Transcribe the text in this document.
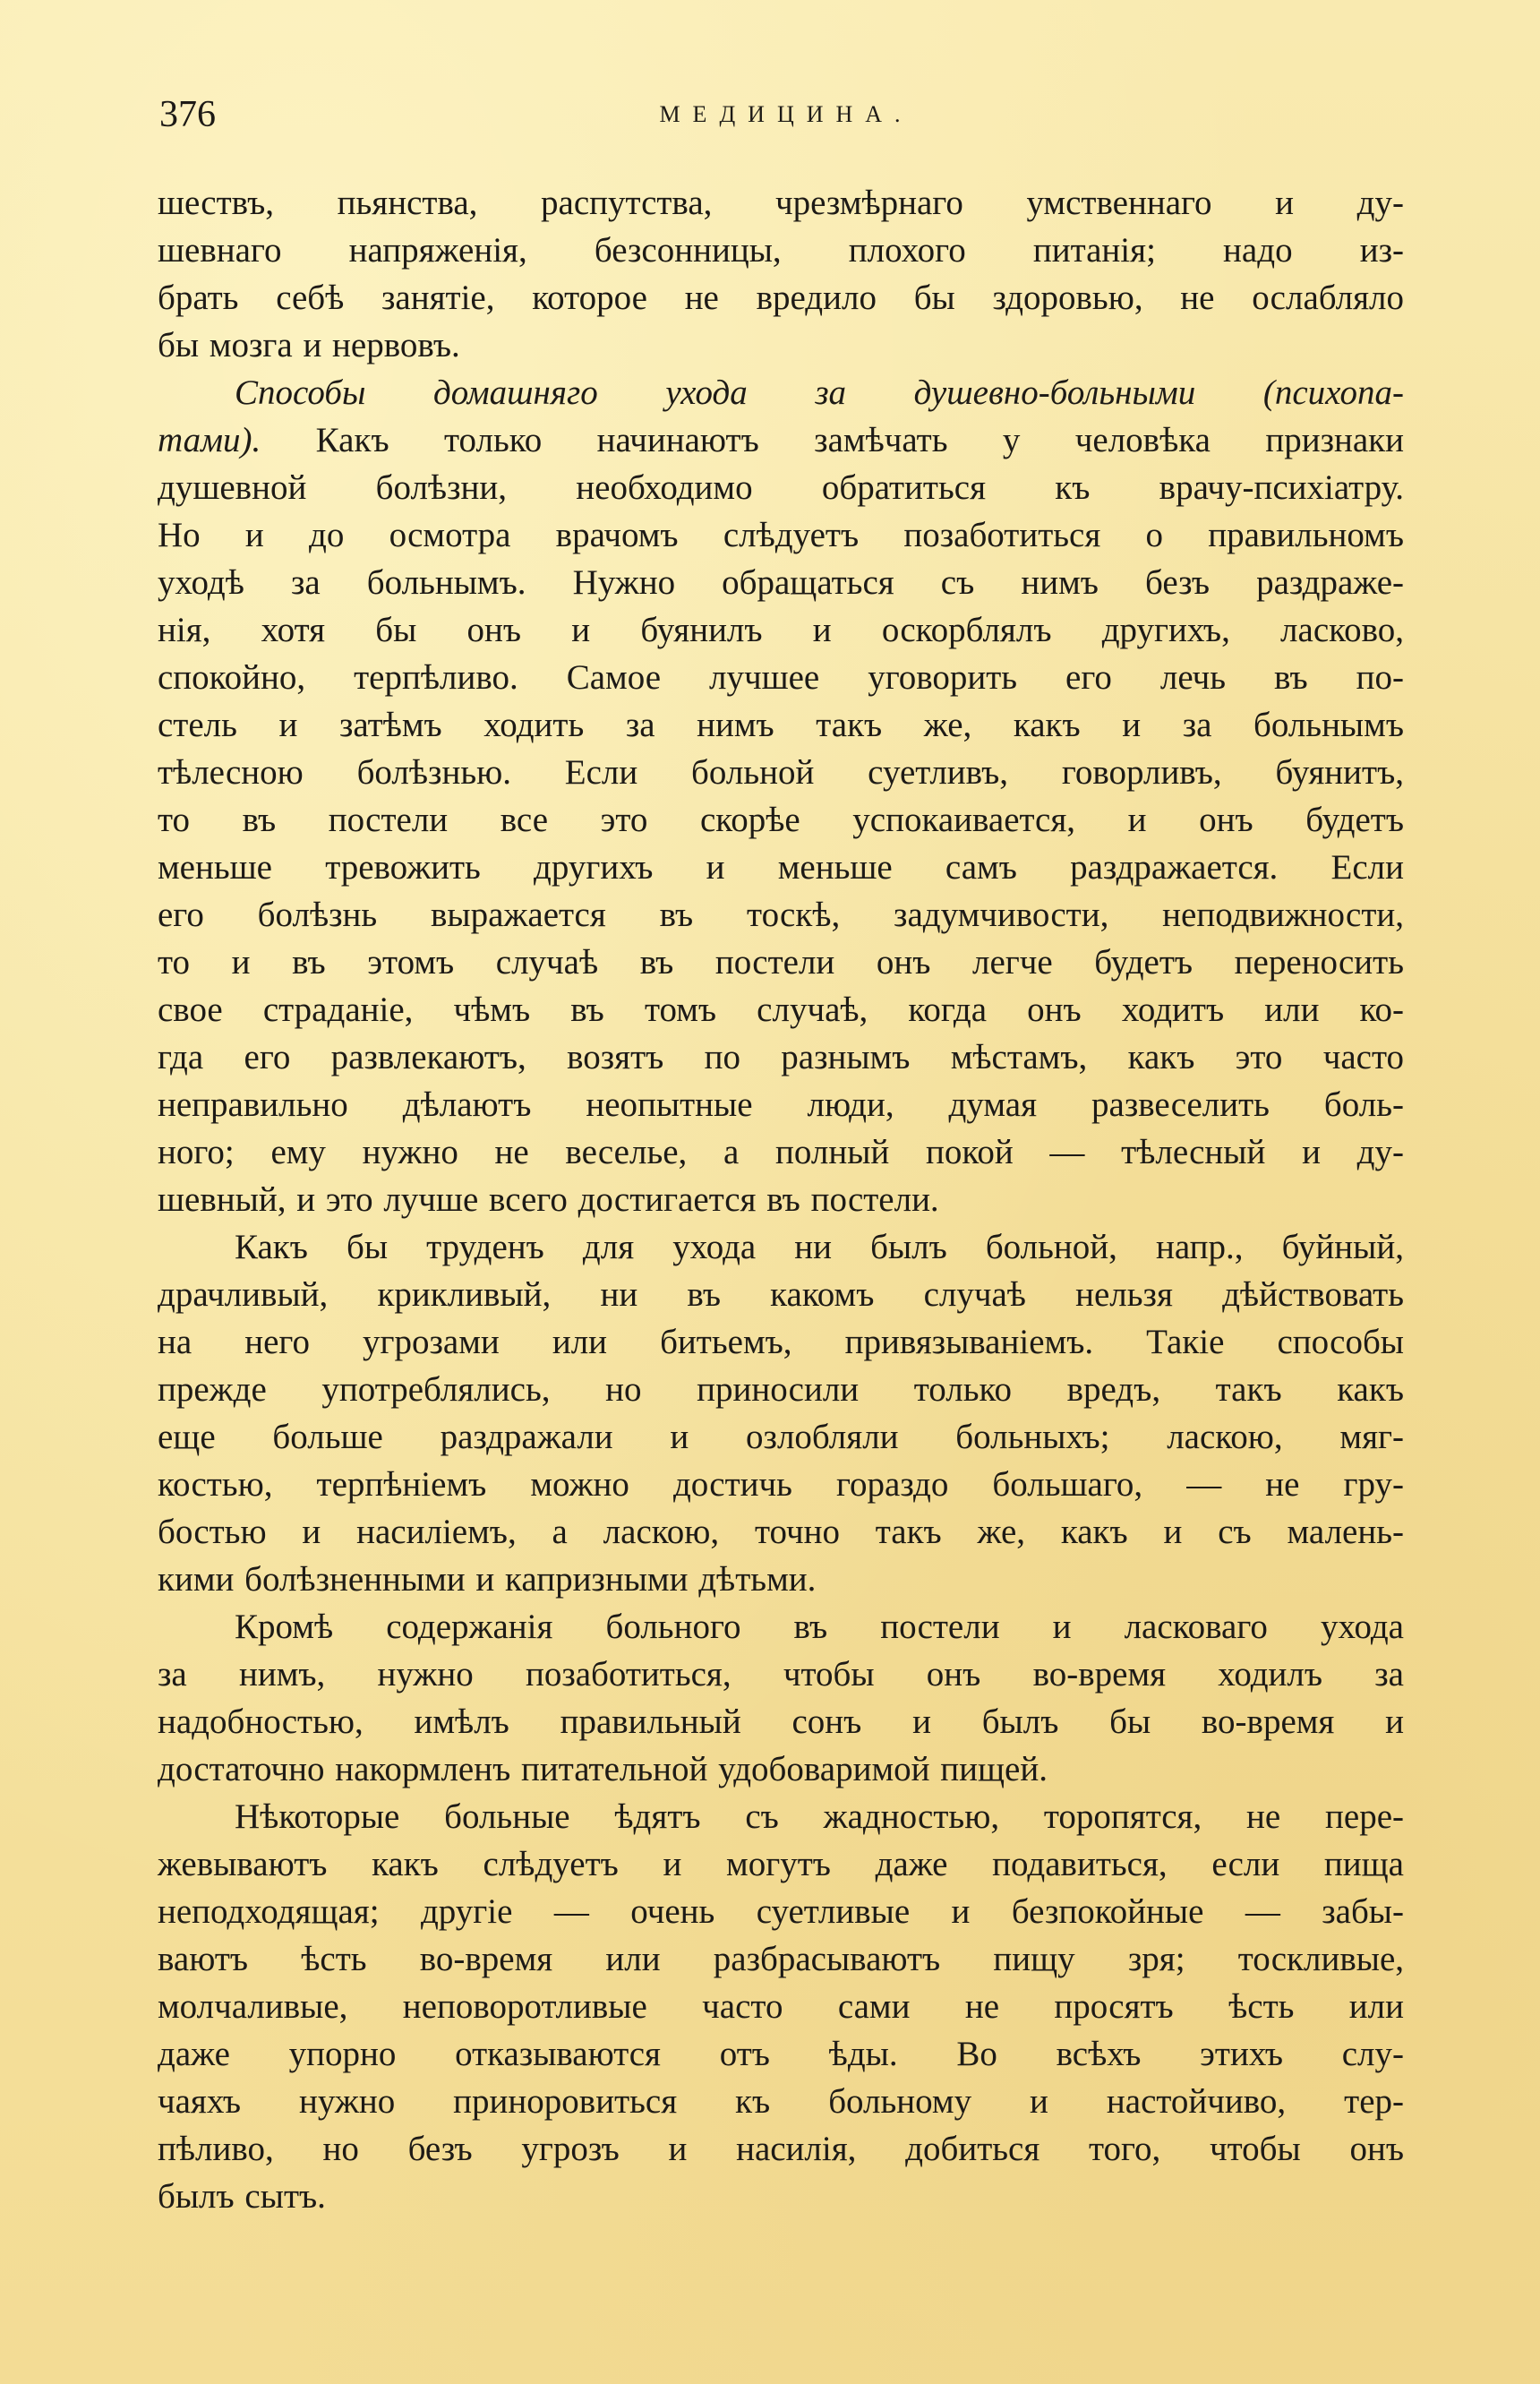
376	МЕДИЦИНА.

шествъ, пьянства, распутства, чрезмѣрнаго умственнаго и ду-

шевнаго напряженія, безсонницы, плохого питанія; надо из-

брать себѣ занятіе, которое не вредило бы здоровью, не ослабляло

бы мозга и нервовъ.

Способы домашняго ухода за душевно-больными (психопа-

тами). Какъ только начинаютъ замѣчать у человѣка признаки

душевной болѣзни, необходимо обратиться къ врачу-психіатру.

Но и до осмотра врачомъ слѣдуетъ позаботиться о правильномъ

уходѣ за больнымъ. Нужно обращаться съ нимъ безъ раздраже-

нія, хотя бы онъ и буянилъ и оскорблялъ другихъ, ласково,

спокойно, терпѣливо. Самое лучшее уговорить его лечь въ по-

стель и затѣмъ ходить за нимъ такъ же, какъ и за больнымъ

тѣлесною болѣзнью. Если больной суетливъ, говорливъ, буянитъ,

то въ постели все это скорѣе успокаивается, и онъ будетъ

меньше тревожить другихъ и меньше самъ раздражается. Если

его болѣзнь выражается въ тоскѣ, задумчивости, неподвижности,

то и въ этомъ случаѣ въ постели онъ легче будетъ переносить

свое страданіе, чѣмъ въ томъ случаѣ, когда онъ ходитъ или ко-

гда его развлекаютъ, возятъ по разнымъ мѣстамъ, какъ это часто

неправильно дѣлаютъ неопытные люди, думая развеселить боль-

ного; ему нужно не веселье, а полный покой — тѣлесный и ду-

шевный, и это лучше всего достигается въ постели.

Какъ бы труденъ для ухода ни былъ больной, напр., буйный,

драчливый, крикливый, ни въ какомъ случаѣ нельзя дѣйствовать

на него угрозами или битьемъ, привязываніемъ. Такіе способы

прежде употреблялись, но приносили только вредъ, такъ какъ

еще больше раздражали и озлобляли больныхъ; ласкою, мяг-

костью, терпѣніемъ можно достичь гораздо большаго, — не гру-

бостью и насиліемъ, а ласкою, точно такъ же, какъ и съ малень-

кими болѣзненными и капризными дѣтьми.

Кромѣ содержанія больного въ постели и ласковаго ухода

за нимъ, нужно позаботиться, чтобы онъ во-время ходилъ за

надобностью, имѣлъ правильный сонъ и былъ бы во-время и

достаточно накормленъ питательной удобоваримой пищей.

Нѣкоторые больные ѣдятъ съ жадностью, торопятся, не пере-

жевываютъ какъ слѣдуетъ и могутъ даже подавиться, если пища

неподходящая; другіе — очень суетливые и безпокойные — забы-

ваютъ ѣсть во-время или разбрасываютъ пищу зря; тоскливые,

молчаливые, неповоротливые часто сами не просятъ ѣсть или

даже упорно отказываются отъ ѣды. Во всѣхъ этихъ слу-

чаяхъ нужно приноровиться къ больному и настойчиво, тер-

пѣливо, но безъ угрозъ и насилія, добиться того, чтобы онъ

былъ сытъ.
